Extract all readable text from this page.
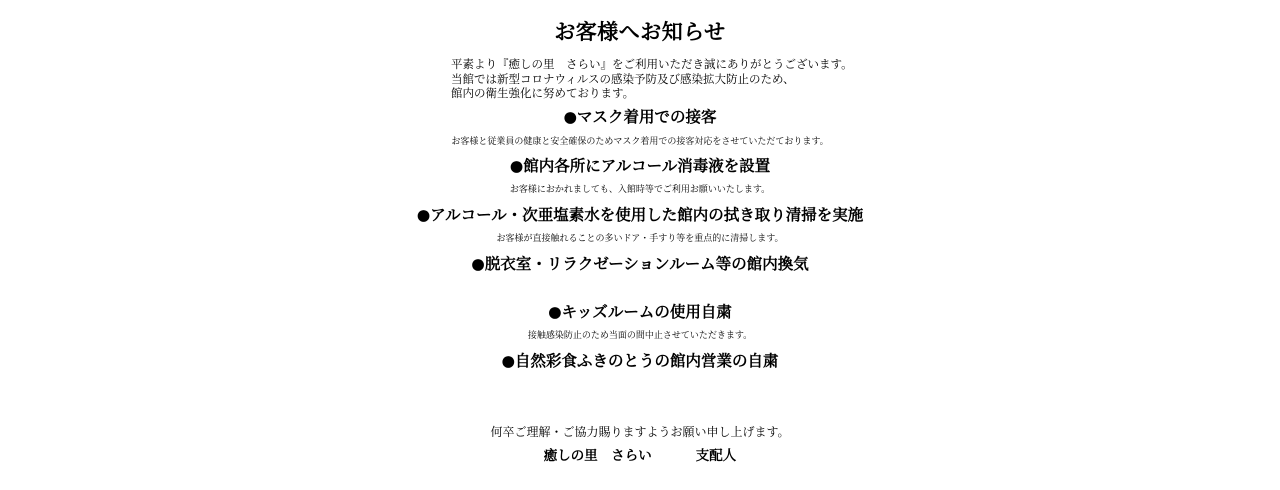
お客様へお知らせ
平素より『癒しの里　さらい』をご利用いただき誠にありがとうございます。
当館では新型コロナウィルスの感染予防及び感染拡大防止のため、
館内の衛生強化に努めております。
●マスク着用での接客
お客様と従業員の健康と安全確保のためマスク着用での接客対応をさせていただております。
●館内各所にアルコール消毒液を設置
お客様におかれましても、入館時等でご利用お願いいたします。
●アルコール・次亜塩素水を使用した館内の拭き取り清掃を実施
お客様が直接触れることの多いドア・手すり等を重点的に清掃します。
●脱衣室・リラクゼーションルーム等の館内換気
●キッズルームの使用自粛
接触感染防止のため当面の間中止させていただきます。
●自然彩食ふきのとうの館内営業の自粛
何卒ご理解・ご協力賜りますようお願い申し上げます。
癒しの里　さらい	支配人
